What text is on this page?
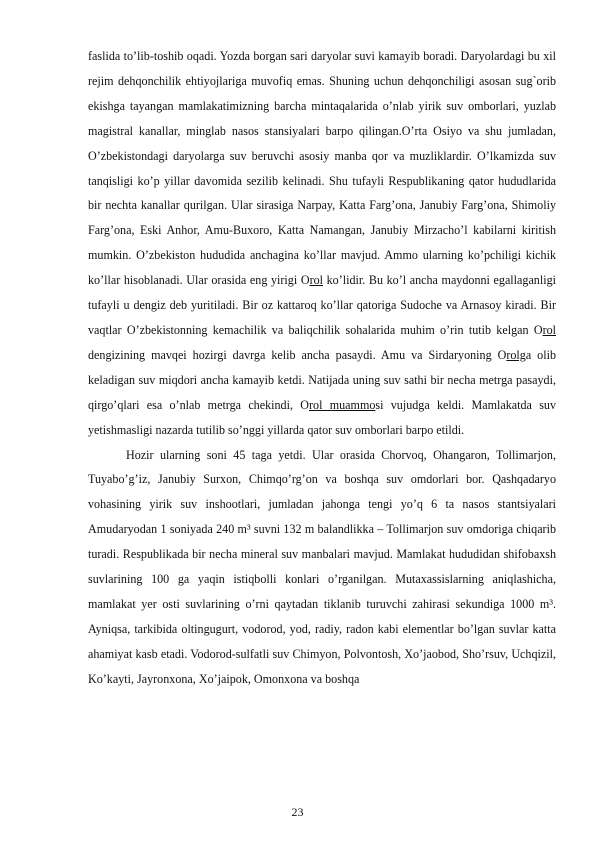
faslida to’lib-toshib oqadi. Yozda borgan sari daryolar suvi kamayib boradi. Daryolardagi bu xil rejim dehqonchilik ehtiyojlariga muvofiq emas. Shuning uchun dehqonchiligi asosan sug`orib ekishga tayangan mamlakatimizning barcha mintaqalarida o’nlab yirik suv omborlari, yuzlab magistral kanallar, minglab nasos stansiyalari barpo qilingan.O’rta Osiyo va shu jumladan, O’zbekistondagi daryolarga suv beruvchi asosiy manba qor va muzliklardir. O’lkamizda suv tanqisligi ko’p yillar davomida sezilib kelinadi. Shu tufayli Respublikaning qator hududlarida bir nechta kanallar qurilgan. Ular sirasiga Narpay, Katta Farg’ona, Janubiy Farg’ona, Shimoliy Farg’ona, Eski Anhor, Amu-Buxoro, Katta Namangan, Janubiy Mirzacho’l kabilarni kiritish mumkin. O’zbekiston hududida anchagina ko’llar mavjud. Ammo ularning ko’pchiligi kichik ko’llar hisoblanadi. Ular orasida eng yirigi Orol ko’lidir. Bu ko’l ancha maydonni egallaganligi tufayli u dengiz deb yuritiladi. Bir oz kattaroq ko’llar qatoriga Sudoche va Arnasoy kiradi. Bir vaqtlar O’zbekistonning kemachilik va baliqchilik sohalarida muhim o’rin tutib kelgan Orol dengizining mavqei hozirgi davrga kelib ancha pasaydi. Amu va Sirdaryoning Orolga olib keladigan suv miqdori ancha kamayib ketdi. Natijada uning suv sathi bir necha metrga pasaydi, qirgo’qlari esa o’nlab metrga chekindi, Orol muammosi vujudga keldi. Mamlakatda suv yetishmasligi nazarda tutilib so’nggi yillarda qator suv omborlari barpo etildi.

Hozir ularning soni 45 taga yetdi. Ular orasida Chorvoq, Ohangaron, Tollimarjon, Tuyabo’g’iz, Janubiy Surxon, Chimqo’rg’on va boshqa suv omdorlari bor. Qashqadaryo vohasining yirik suv inshootlari, jumladan jahonga tengi yo’q 6 ta nasos stantsiyalari Amudaryodan 1 soniyada 240 m³ suvni 132 m balandlikka – Tollimarjon suv omdoriga chiqarib turadi. Respublikada bir necha mineral suv manbalari mavjud. Mamlakat hududidan shifobaxsh suvlarining 100 ga yaqin istiqbolli konlari o’rganilgan. Mutaxassislarning aniqlashicha, mamlakat yer osti suvlarining o’rni qaytadan tiklanib turuvchi zahirasi sekundiga 1000 m³. Ayniqsa, tarkibida oltingugurt, vodorod, yod, radiy, radon kabi elementlar bo’lgan suvlar katta ahamiyat kasb etadi. Vodorod-sulfatli suv Chimyon, Polvontosh, Xo’jaobod, Sho’rsuv, Uchqizil, Ko’kayti, Jayronxona, Xo’jaipok, Omonxona va boshqa

23
